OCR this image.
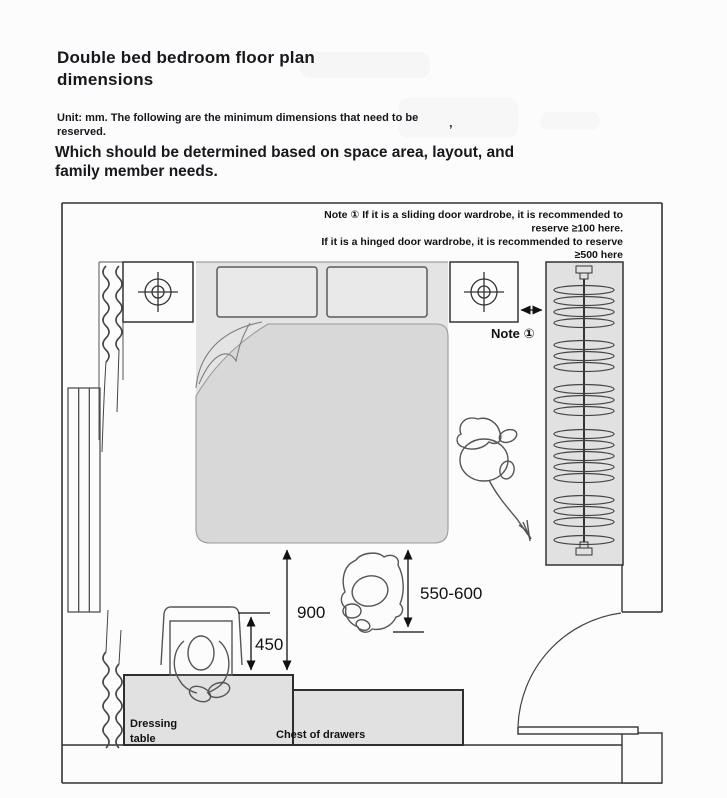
Double bed bedroom floor plan
dimensions
Unit: mm. The following are the minimum dimensions that need to be
reserved.
Which should be determined based on space area, layout, and
family member needs.
’
Note ① If it is a sliding door wardrobe, it is recommended to
reserve ≥100 here.
If it is a hinged door wardrobe, it is recommended to reserve
≥500 here
Note ①
900
450
550-600
Dressing
table	Chest of drawers
